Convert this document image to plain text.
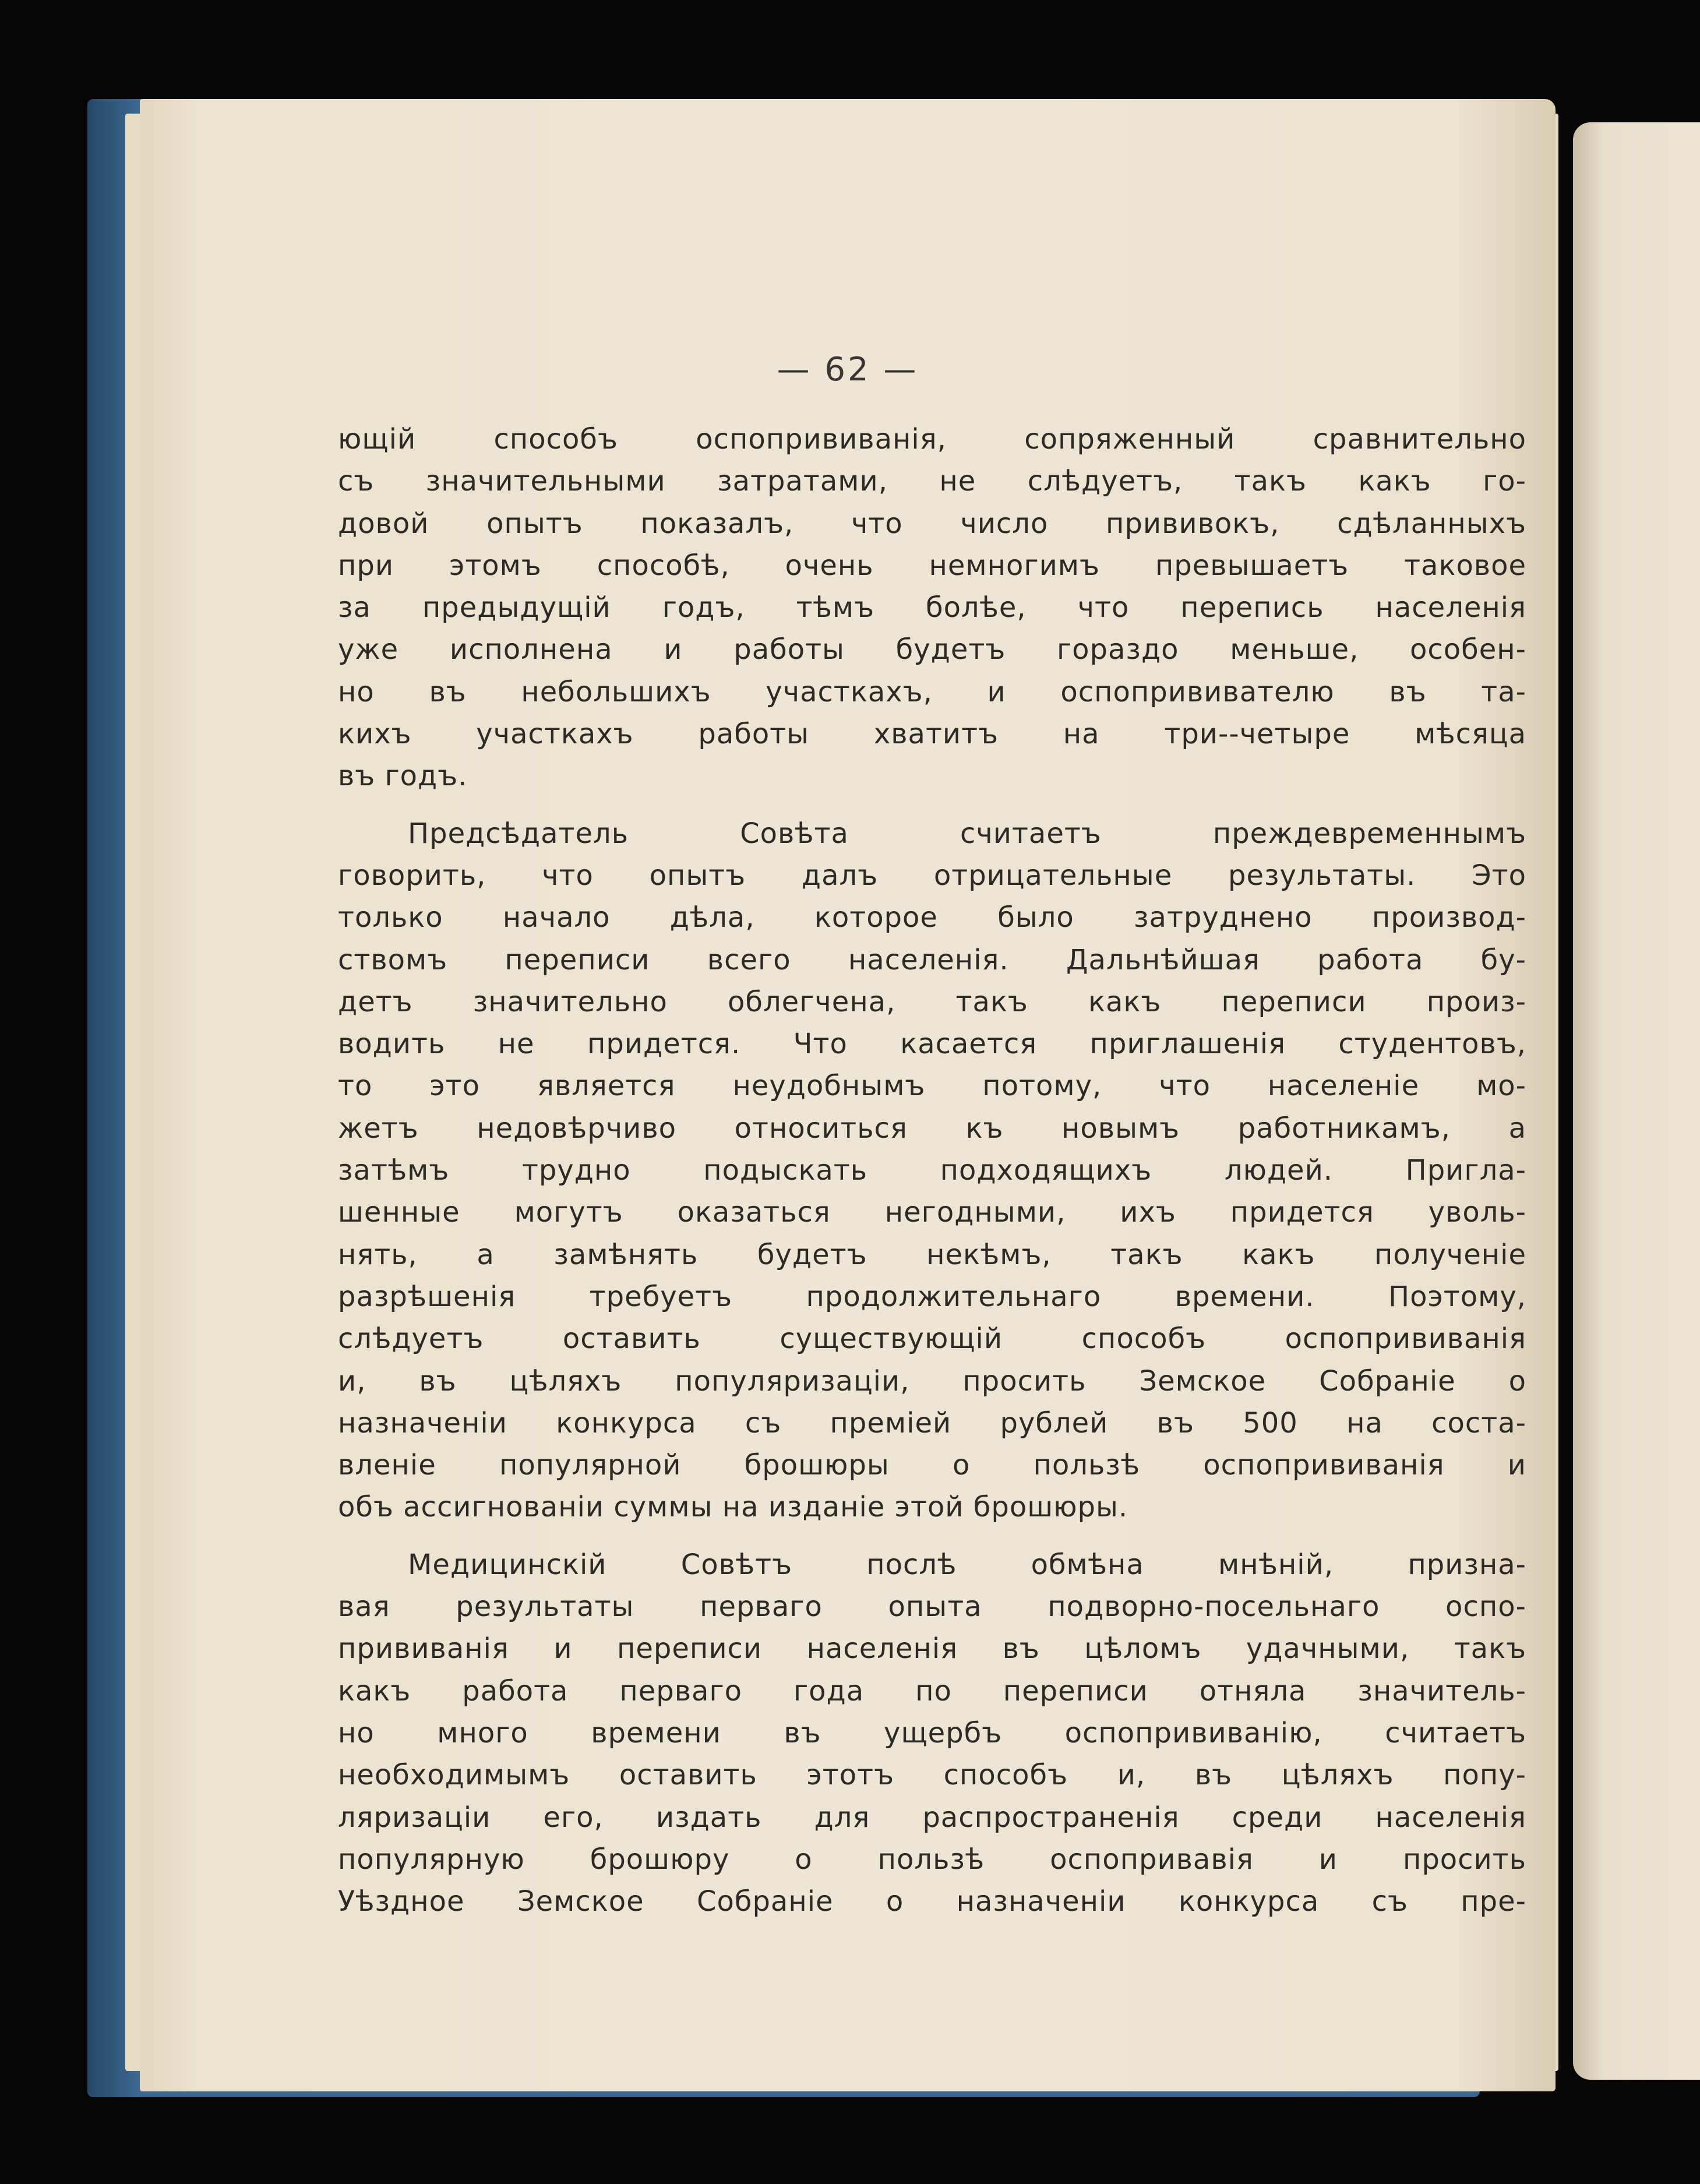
— 62 —
ющій способъ оспопрививанія, сопряженный сравнительно
съ значительными затратами, не слѣдуетъ, такъ какъ го-
довой опытъ показалъ, что число прививокъ, сдѣланныхъ
при этомъ способѣ, очень немногимъ превышаетъ таковое
за предыдущій годъ, тѣмъ болѣе, что перепись населенія
уже исполнена и работы будетъ гораздо меньше, особен-
но въ небольшихъ участкахъ, и оспопрививателю въ та-
кихъ участкахъ работы хватитъ на три--четыре мѣсяца
въ годъ.
Предсѣдатель Совѣта считаетъ преждевременнымъ
говорить, что опытъ далъ отрицательные результаты. Это
только начало дѣла, которое было затруднено производ-
ствомъ переписи всего населенія. Дальнѣйшая работа бу-
детъ значительно облегчена, такъ какъ переписи произ-
водить не придется. Что касается приглашенія студентовъ,
то это является неудобнымъ потому, что населеніе мо-
жетъ недовѣрчиво относиться къ новымъ работникамъ, а
затѣмъ трудно подыскать подходящихъ людей. Пригла-
шенные могутъ оказаться негодными, ихъ придется уволь-
нять, а замѣнять будетъ некѣмъ, такъ какъ полученіе
разрѣшенія требуетъ продолжительнаго времени. Поэтому,
слѣдуетъ оставить существующій способъ оспопрививанія
и, въ цѣляхъ популяризаціи, просить Земское Собраніе о
назначеніи конкурса съ преміей рублей въ 500 на соста-
вленіе популярной брошюры о пользѣ оспопрививанія и
объ ассигнованіи суммы на изданіе этой брошюры.
Медицинскій Совѣтъ послѣ обмѣна мнѣній, призна-
вая результаты перваго опыта подворно-посельнаго оспо-
прививанія и переписи населенія въ цѣломъ удачными, такъ
какъ работа перваго года по переписи отняла значитель-
но много времени въ ущербъ оспопрививанію, считаетъ
необходимымъ оставить этотъ способъ и, въ цѣляхъ попу-
ляризаціи его, издать для распространенія среди населенія
популярную брошюру о пользѣ оспопривавія и просить
Уѣздное Земское Собраніе о назначеніи конкурса съ пре-
